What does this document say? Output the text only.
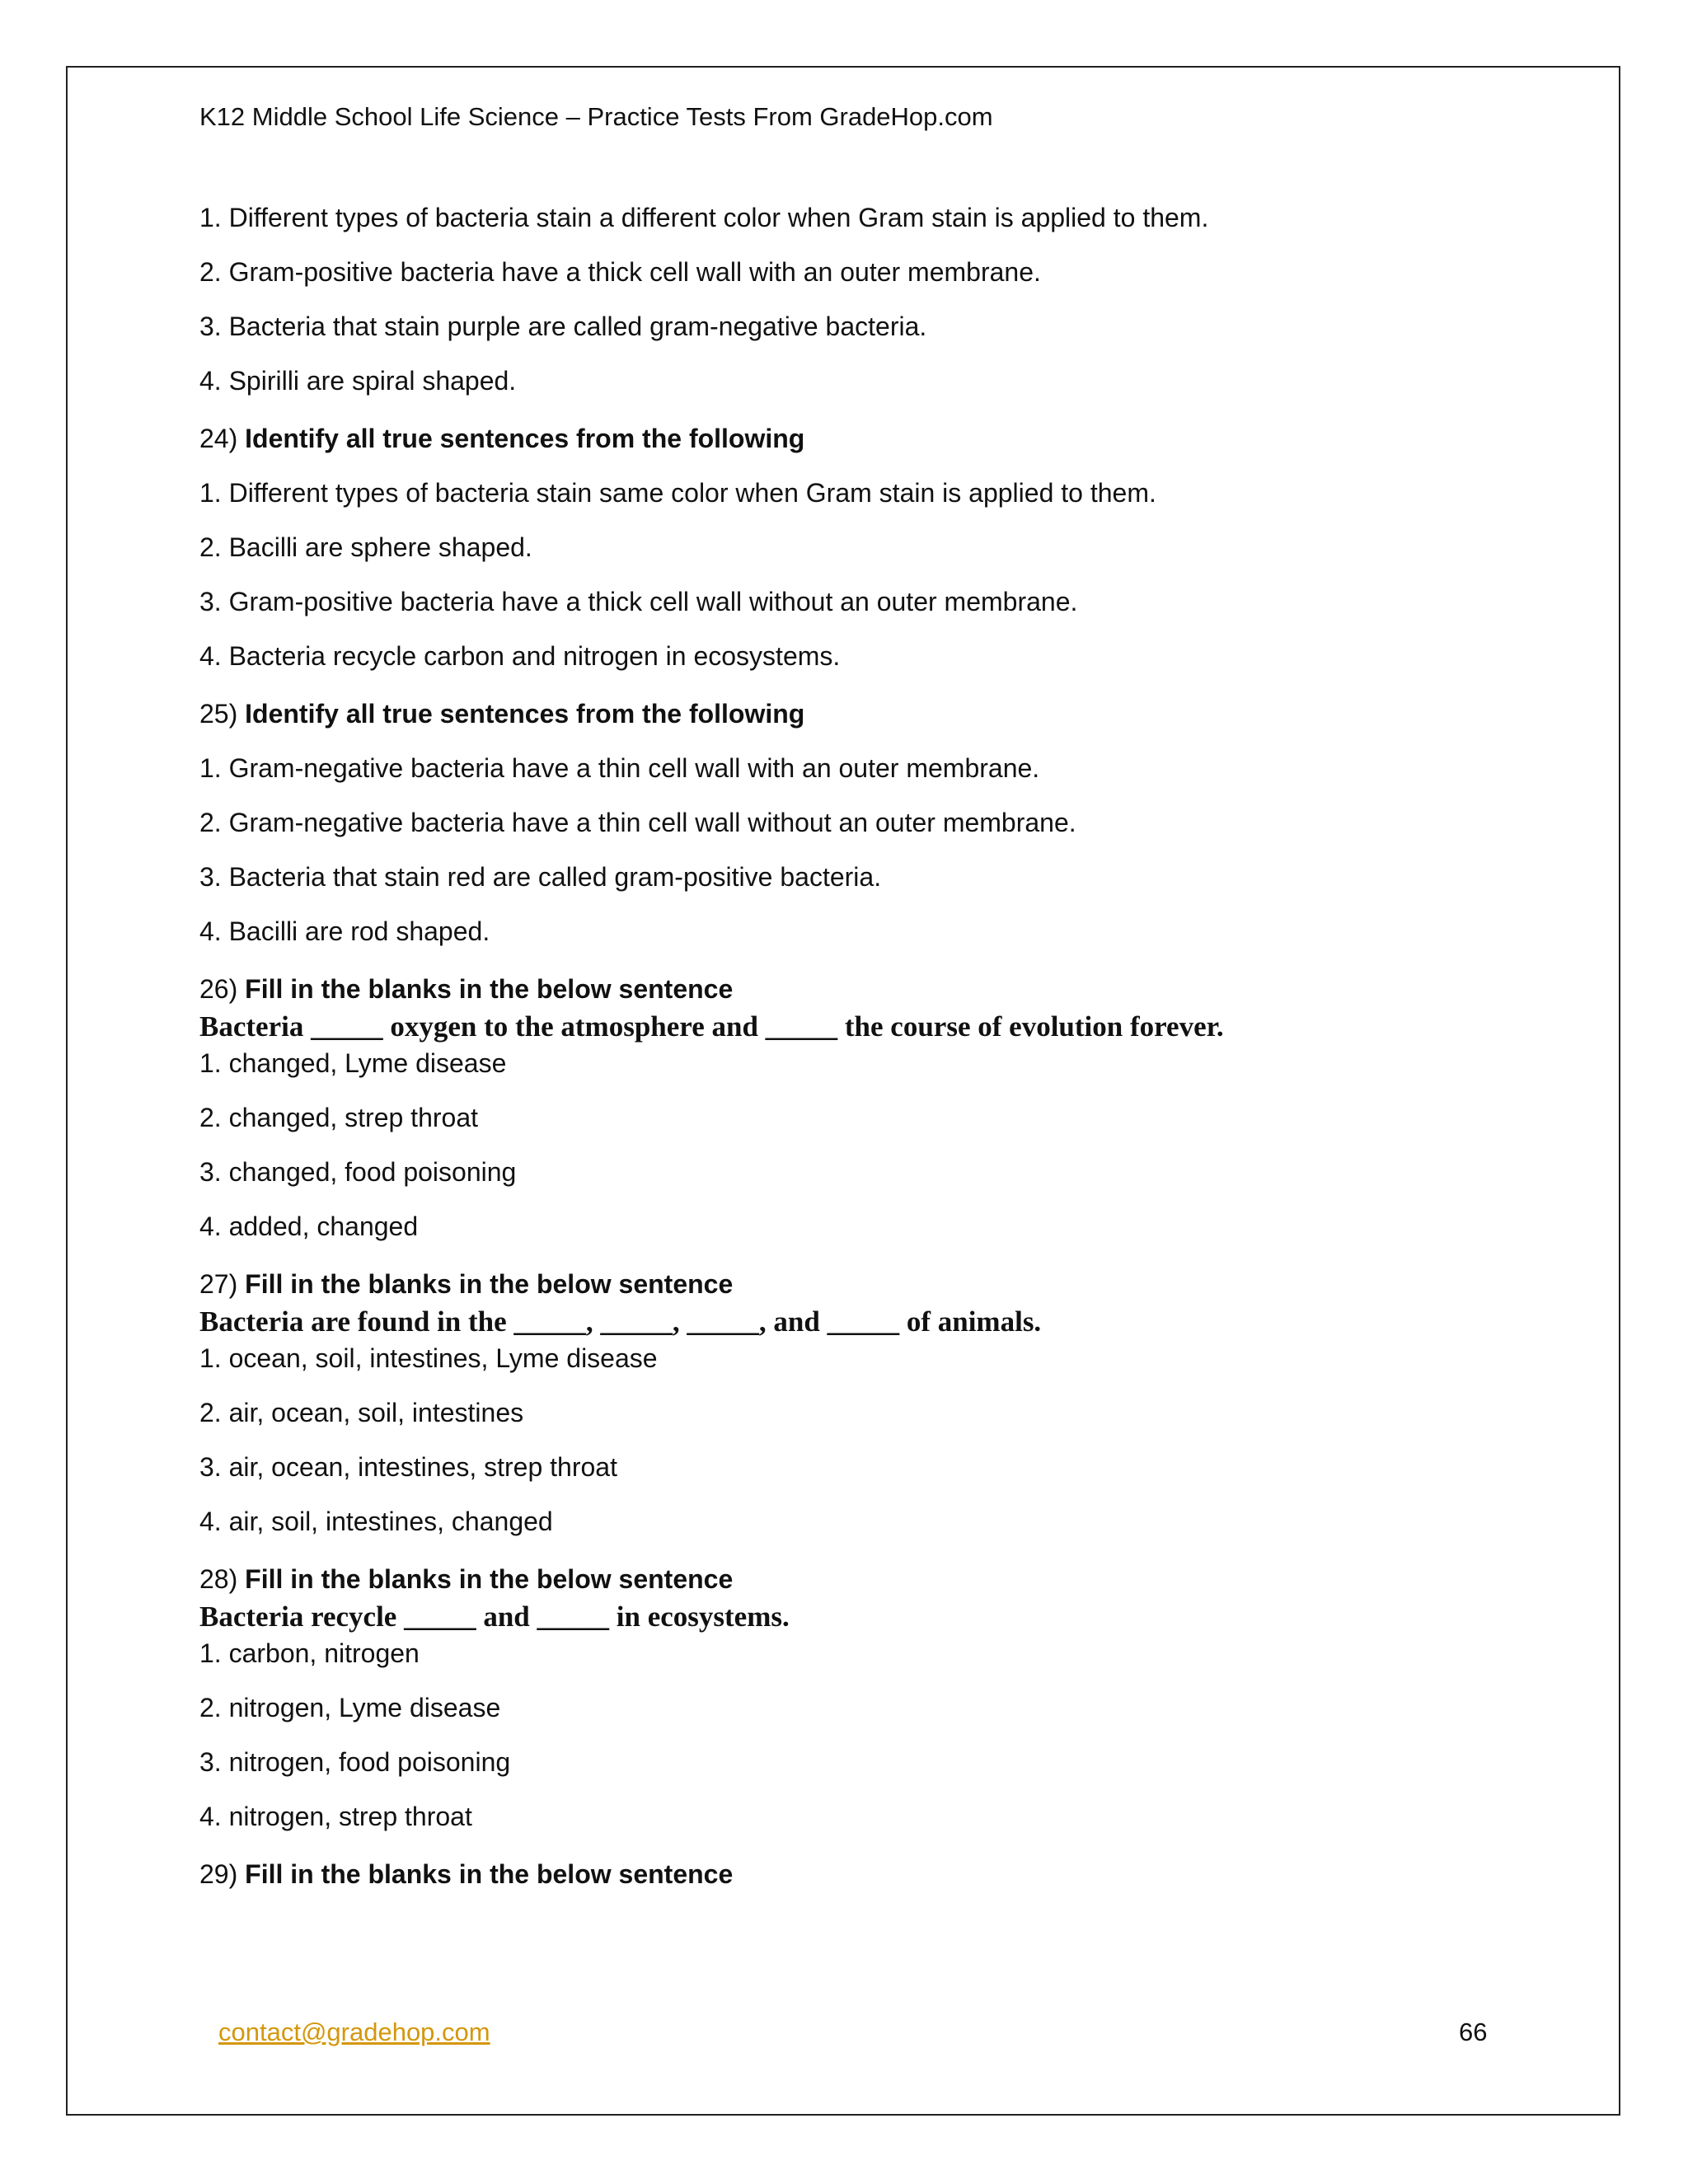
K12 Middle School Life Science – Practice Tests From GradeHop.com
1. Different types of bacteria stain a different color when Gram stain is applied to them.
2. Gram-positive bacteria have a thick cell wall with an outer membrane.
3. Bacteria that stain purple are called gram-negative bacteria.
4. Spirilli are spiral shaped.
24) Identify all true sentences from the following
1. Different types of bacteria stain same color when Gram stain is applied to them.
2. Bacilli are sphere shaped.
3. Gram-positive bacteria have a thick cell wall without an outer membrane.
4. Bacteria recycle carbon and nitrogen in ecosystems.
25) Identify all true sentences from the following
1. Gram-negative bacteria have a thin cell wall with an outer membrane.
2. Gram-negative bacteria have a thin cell wall without an outer membrane.
3. Bacteria that stain red are called gram-positive bacteria.
4. Bacilli are rod shaped.
26) Fill in the blanks in the below sentence
Bacteria _____ oxygen to the atmosphere and _____ the course of evolution forever.
1. changed, Lyme disease
2. changed, strep throat
3. changed, food poisoning
4. added, changed
27) Fill in the blanks in the below sentence
Bacteria are found in the _____, _____, _____, and _____ of animals.
1. ocean, soil, intestines, Lyme disease
2. air, ocean, soil, intestines
3. air, ocean, intestines, strep throat
4. air, soil, intestines, changed
28) Fill in the blanks in the below sentence
Bacteria recycle _____ and _____ in ecosystems.
1. carbon, nitrogen
2. nitrogen, Lyme disease
3. nitrogen, food poisoning
4. nitrogen, strep throat
29) Fill in the blanks in the below sentence
contact@gradehop.com	66
